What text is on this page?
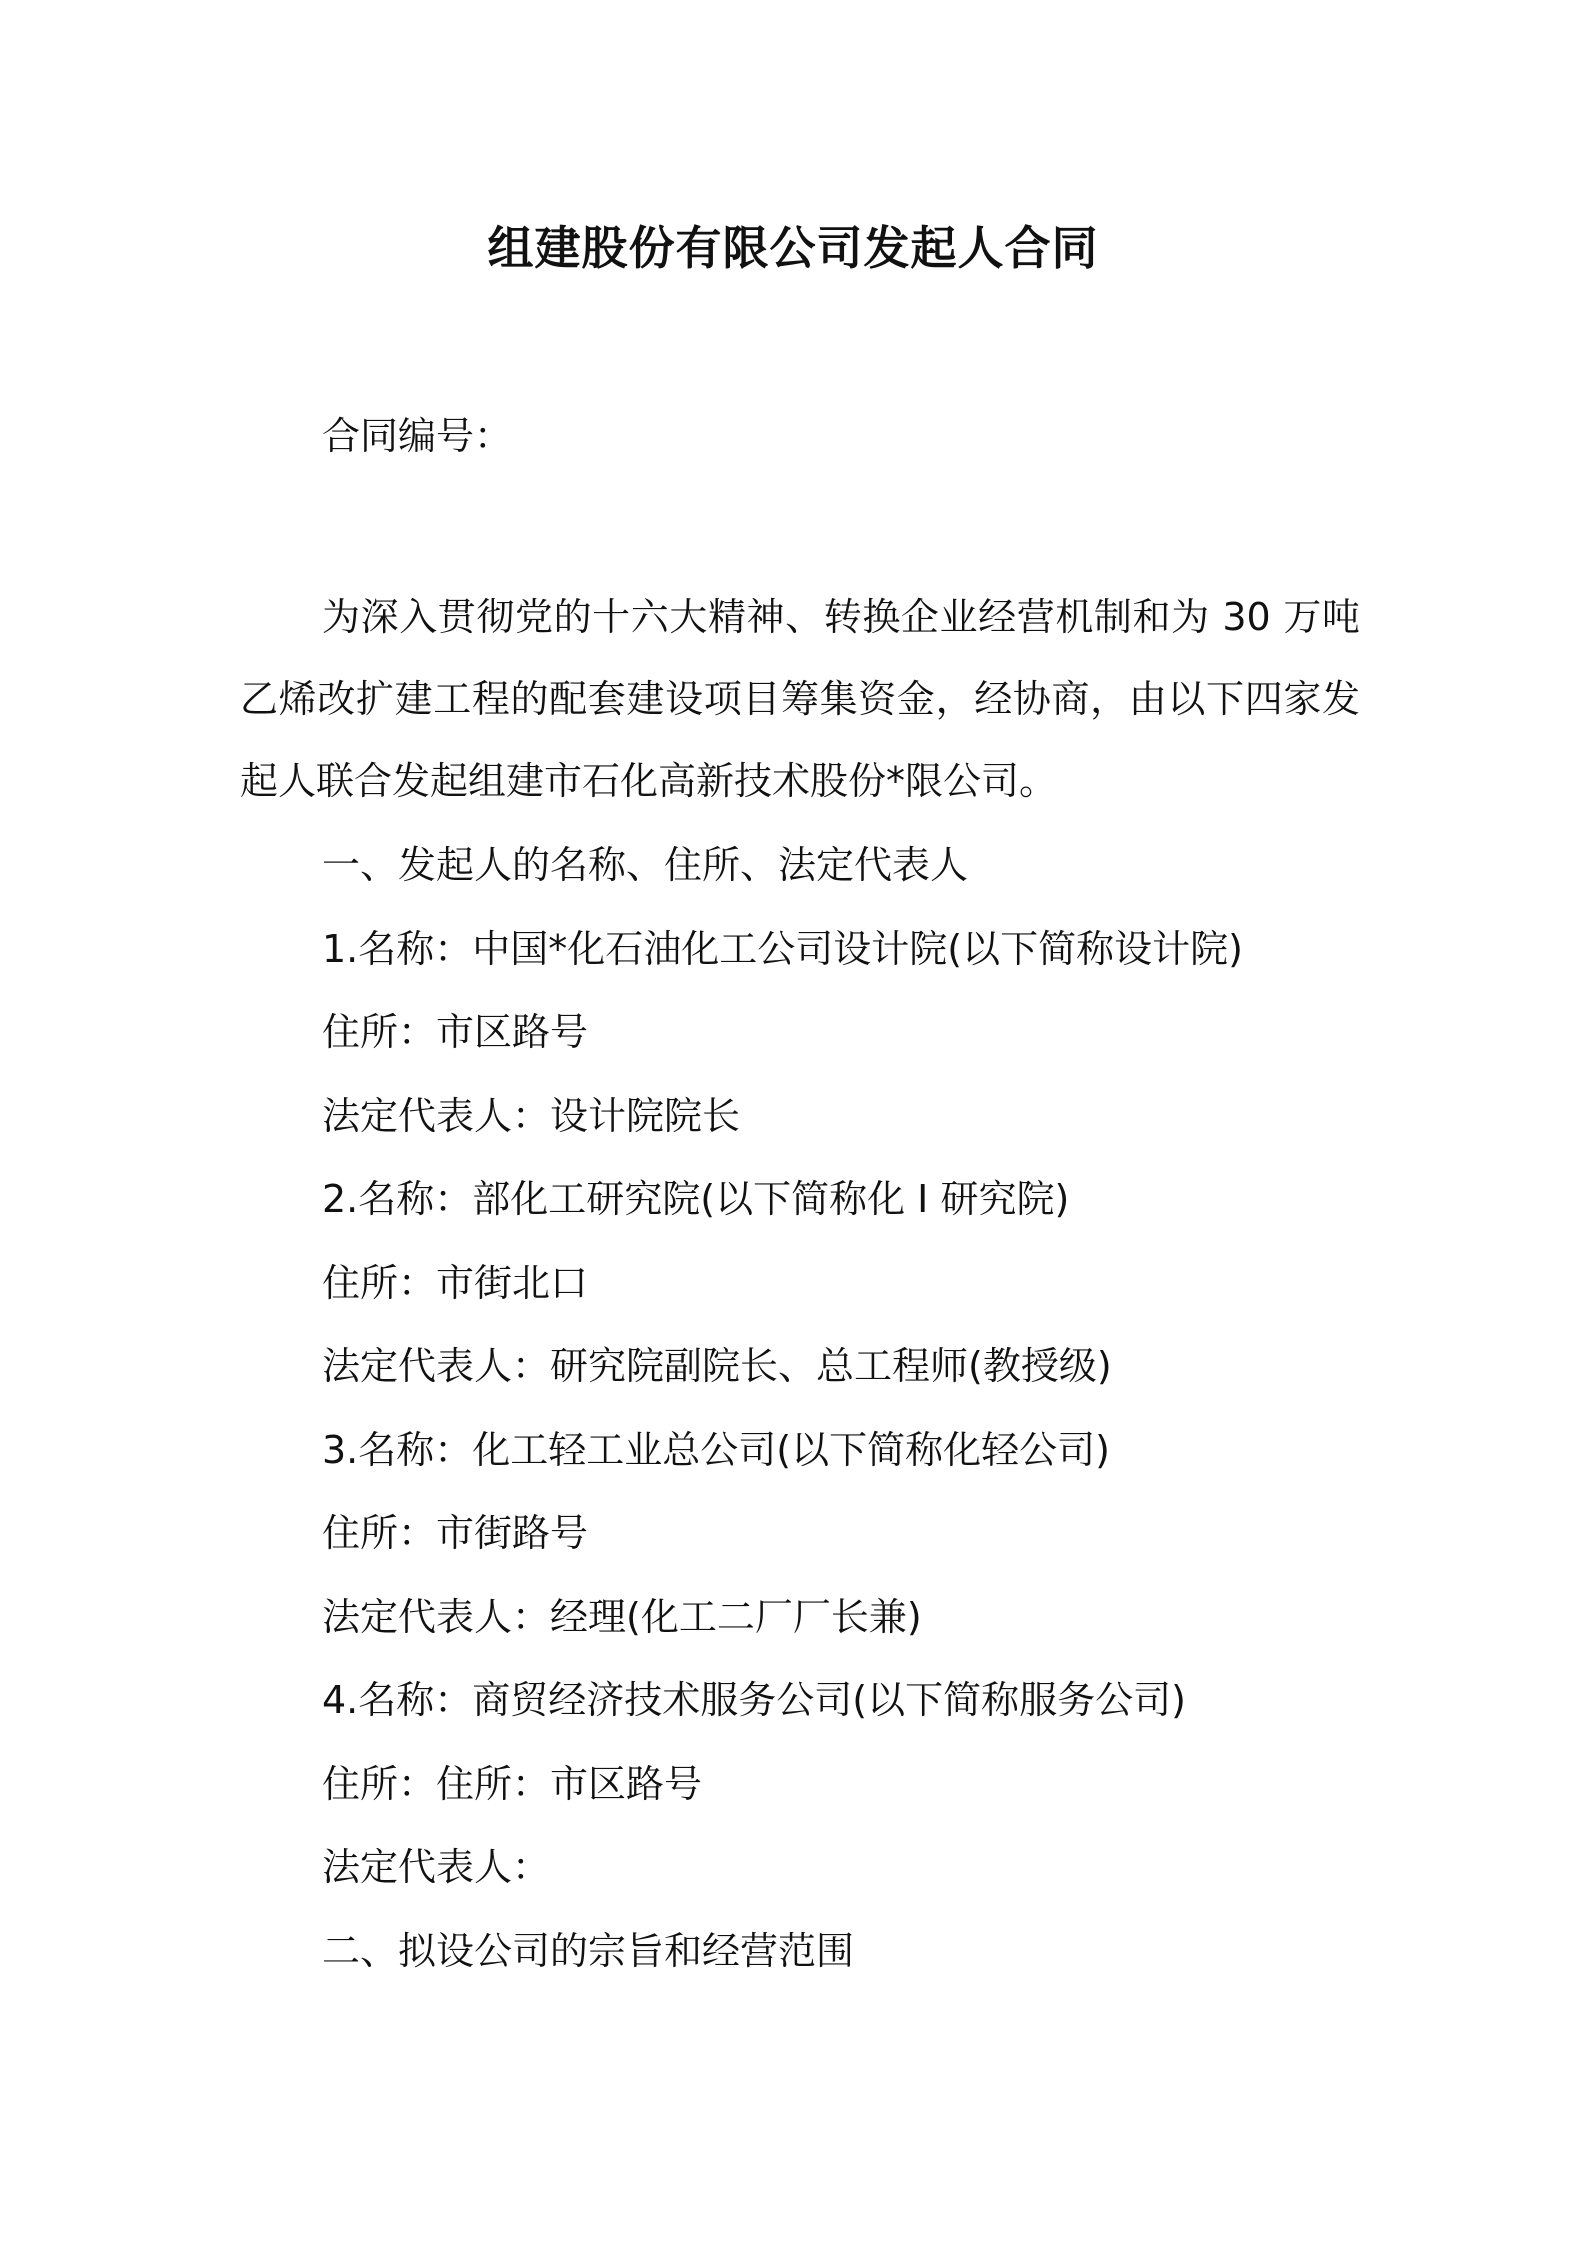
组建股份有限公司发起人合同
合同编号：

为深入贯彻党的十六大精神、转换企业经营机制和为 30 万吨乙烯改扩建工程的配套建设项目筹集资金，经协商，由以下四家发起人联合发起组建市石化高新技术股份*限公司。

一、发起人的名称、住所、法定代表人
1.名称：中国*化石油化工公司设计院(以下简称设计院)
住所：市区路号
法定代表人：设计院院长
2.名称：部化工研究院(以下简称化 I 研究院)
住所：市街北口
法定代表人：研究院副院长、总工程师(教授级)
3.名称：化工轻工业总公司(以下简称化轻公司)
住所：市街路号
法定代表人：经理(化工二厂厂长兼)
4.名称：商贸经济技术服务公司(以下简称服务公司)
住所：住所：市区路号
法定代表人：
二、拟设公司的宗旨和经营范围
